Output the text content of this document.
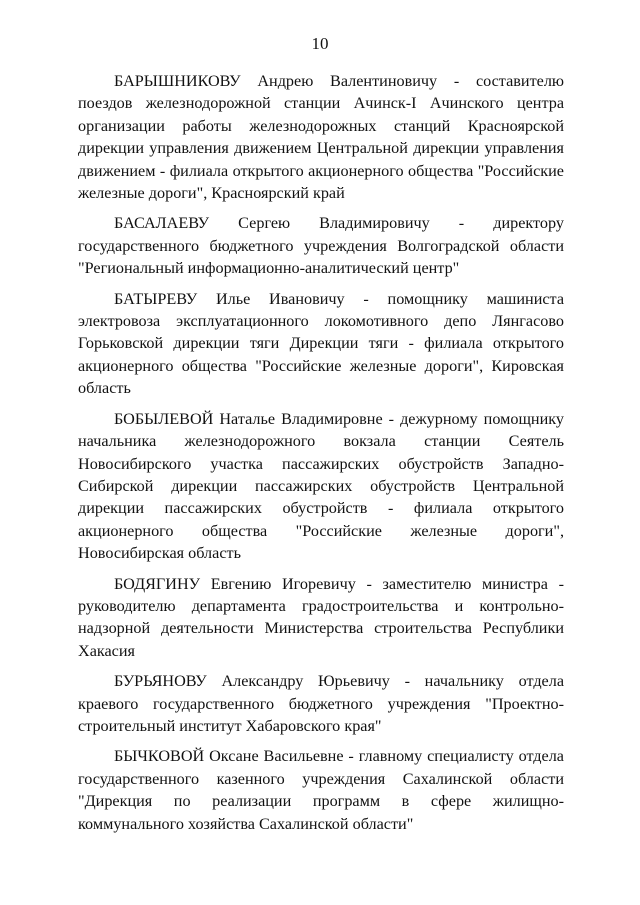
10

БАРЫШНИКОВУ Андрею Валентиновичу - составителю поездов железнодорожной станции Ачинск-I Ачинского центра организации работы железнодорожных станций Красноярской дирекции управления движением Центральной дирекции управления движением - филиала открытого акционерного общества "Российские железные дороги", Красноярский край

БАСАЛАЕВУ Сергею Владимировичу - директору государственного бюджетного учреждения Волгоградской области "Региональный информационно-аналитический центр"

БАТЫРЕВУ Илье Ивановичу - помощнику машиниста электровоза эксплуатационного локомотивного депо Лянгасово Горьковской дирекции тяги Дирекции тяги - филиала открытого акционерного общества "Российские железные дороги", Кировская область

БОБЫЛЕВОЙ Наталье Владимировне - дежурному помощнику начальника железнодорожного вокзала станции Сеятель Новосибирского участка пассажирских обустройств Западно-Сибирской дирекции пассажирских обустройств Центральной дирекции пассажирских обустройств - филиала открытого акционерного общества "Российские железные дороги", Новосибирская область

БОДЯГИНУ Евгению Игоревичу - заместителю министра - руководителю департамента градостроительства и контрольно-надзорной деятельности Министерства строительства Республики Хакасия

БУРЬЯНОВУ Александру Юрьевичу - начальнику отдела краевого государственного бюджетного учреждения "Проектно-строительный институт Хабаровского края"

БЫЧКОВОЙ Оксане Васильевне - главному специалисту отдела государственного казенного учреждения Сахалинской области "Дирекция по реализации программ в сфере жилищно-коммунального хозяйства Сахалинской области"
